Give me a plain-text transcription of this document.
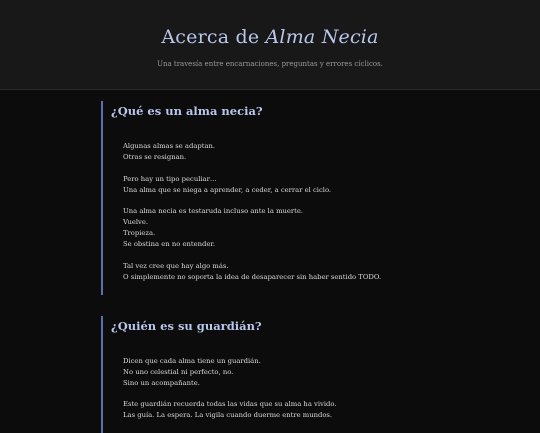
Acerca de Alma Necia

Una travesía entre encarnaciones, preguntas y errores cíclicos.

¿Qué es un alma necia?

Algunas almas se adaptan.
Otras se resignan.

Pero hay un tipo peculiar…
Una alma que se niega a aprender, a ceder, a cerrar el ciclo.

Una alma necia es testaruda incluso ante la muerte.
Vuelve.
Tropieza.
Se obstina en no entender.

Tal vez cree que hay algo más.
O simplemente no soporta la idea de desaparecer sin haber sentido TODO.

¿Quién es su guardián?

Dicen que cada alma tiene un guardián.
No uno celestial ni perfecto, no.
Sino un acompañante.

Este guardián recuerda todas las vidas que su alma ha vivido.
Las guía. La espera. La vigila cuando duerme entre mundos.
